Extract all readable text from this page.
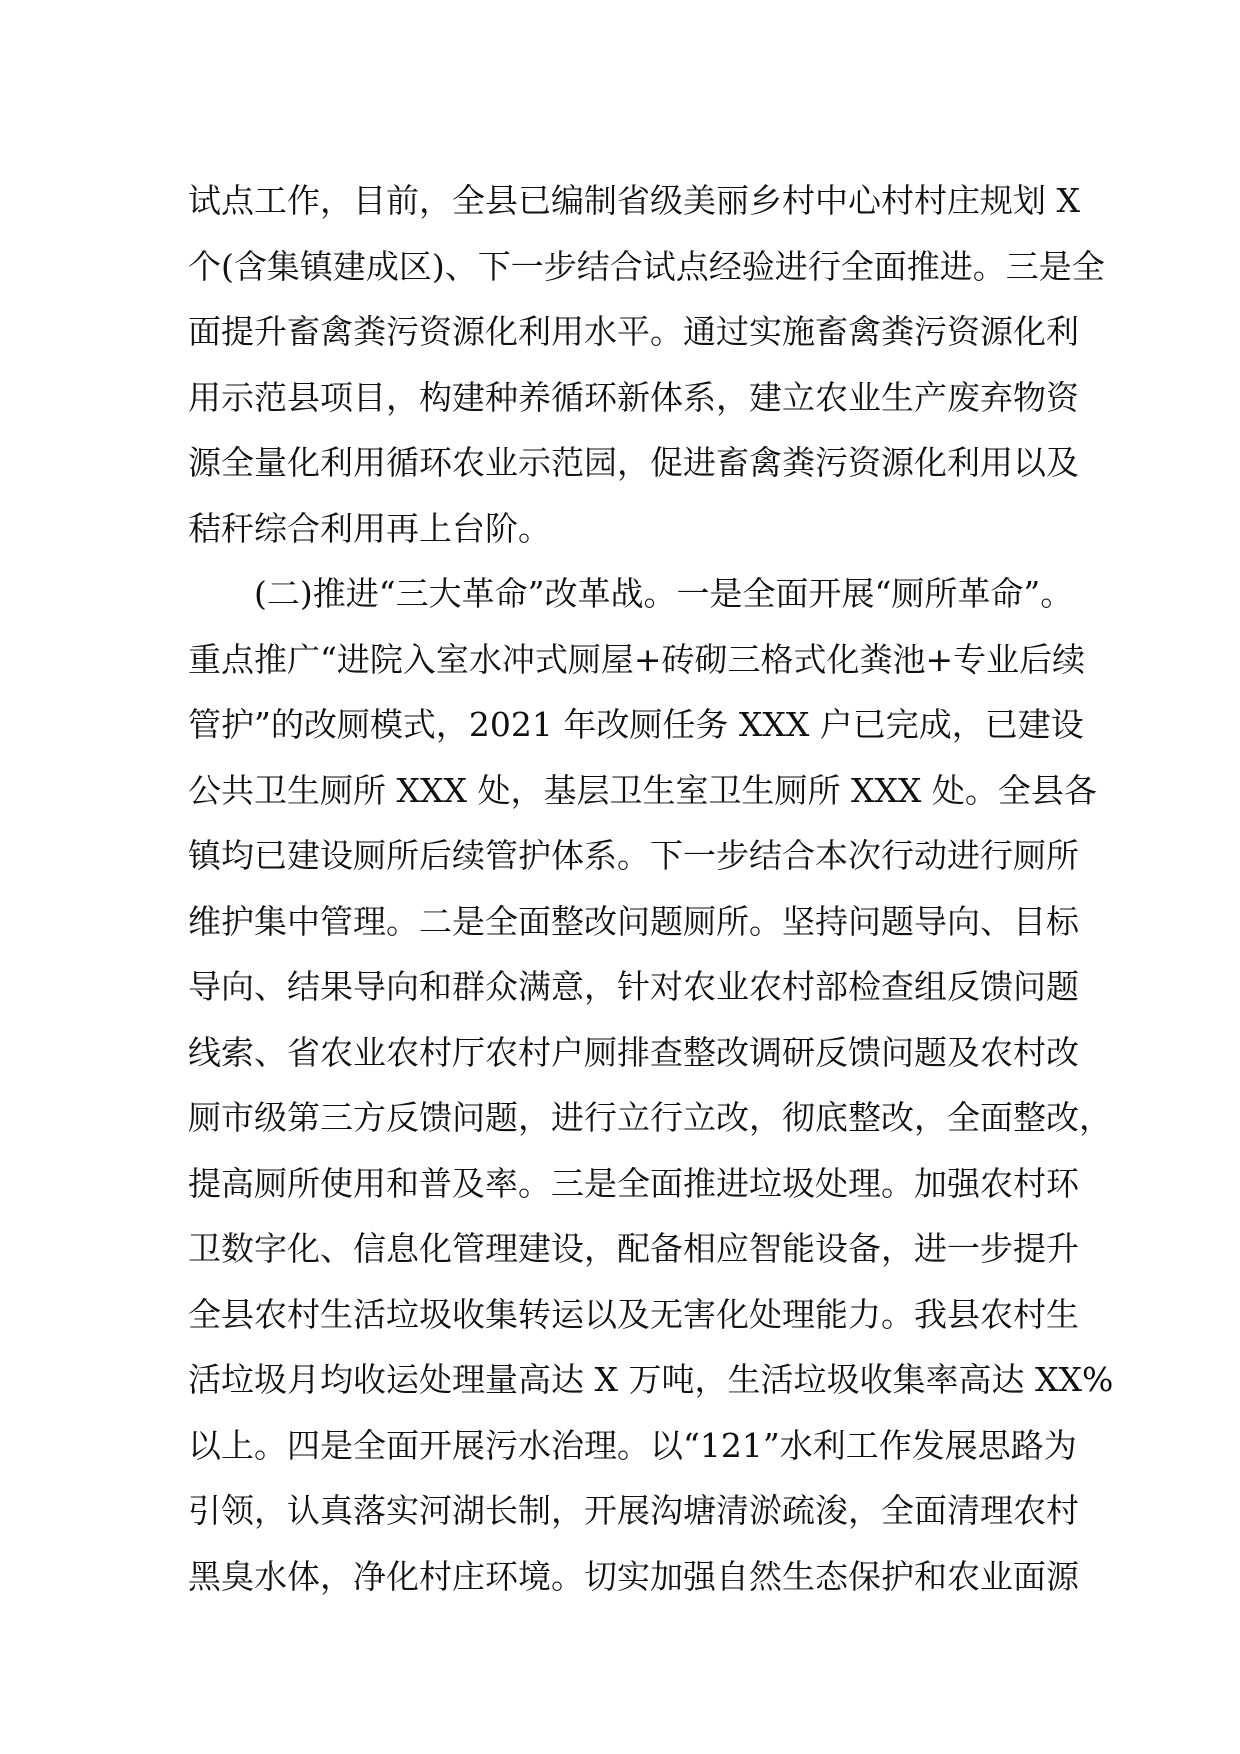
试点工作，目前，全县已编制省级美丽乡村中心村村庄规划 X
个(含集镇建成区)、下一步结合试点经验进行全面推进。三是全
面提升畜禽粪污资源化利用水平。通过实施畜禽粪污资源化利
用示范县项目，构建种养循环新体系，建立农业生产废弃物资
源全量化利用循环农业示范园，促进畜禽粪污资源化利用以及
秸秆综合利用再上台阶。
(二)推进“三大革命”改革战。一是全面开展“厕所革命”。
重点推广“进院入室水冲式厕屋+砖砌三格式化粪池+专业后续
管护”的改厕模式，2021 年改厕任务 XXX 户已完成，已建设
公共卫生厕所 XXX 处，基层卫生室卫生厕所 XXX 处。全县各
镇均已建设厕所后续管护体系。下一步结合本次行动进行厕所
维护集中管理。二是全面整改问题厕所。坚持问题导向、目标
导向、结果导向和群众满意，针对农业农村部检查组反馈问题
线索、省农业农村厅农村户厕排查整改调研反馈问题及农村改
厕市级第三方反馈问题，进行立行立改，彻底整改，全面整改，
提高厕所使用和普及率。三是全面推进垃圾处理。加强农村环
卫数字化、信息化管理建设，配备相应智能设备，进一步提升
全县农村生活垃圾收集转运以及无害化处理能力。我县农村生
活垃圾月均收运处理量高达 X 万吨，生活垃圾收集率高达 XX%
以上。四是全面开展污水治理。以“121”水利工作发展思路为
引领，认真落实河湖长制，开展沟塘清淤疏浚，全面清理农村
黑臭水体，净化村庄环境。切实加强自然生态保护和农业面源
